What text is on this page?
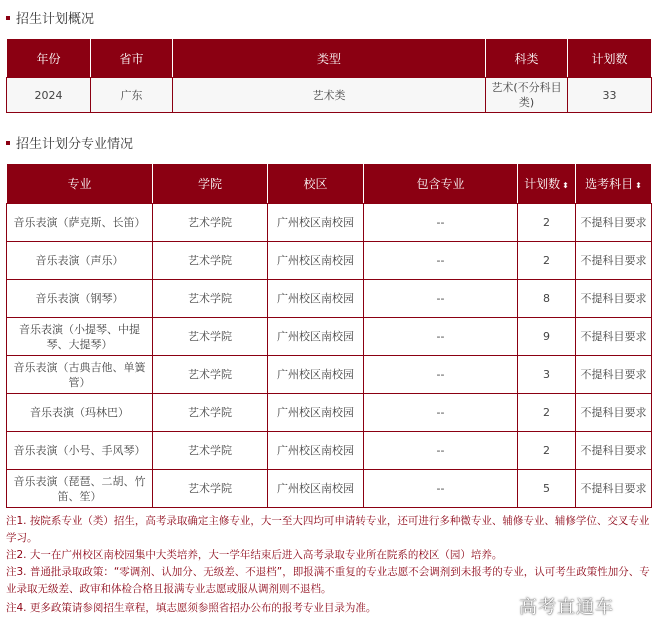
招生计划概况
年份	省市	类型	科类	计划数
2024	广东	艺术类	艺术(不分科目类)	33
招生计划分专业情况
专业	学院	校区	包含专业	计划数 ⬍	选考科目 ⬍
音乐表演（萨克斯、长笛）	艺术学院	广州校区南校园	--	2	不提科目要求
音乐表演（声乐）	艺术学院	广州校区南校园	--	2	不提科目要求
音乐表演（钢琴）	艺术学院	广州校区南校园	--	8	不提科目要求
音乐表演（小提琴、中提琴、大提琴）	艺术学院	广州校区南校园	--	9	不提科目要求
音乐表演（古典吉他、单簧管）	艺术学院	广州校区南校园	--	3	不提科目要求
音乐表演（玛林巴）	艺术学院	广州校区南校园	--	2	不提科目要求
音乐表演（小号、手风琴）	艺术学院	广州校区南校园	--	2	不提科目要求
音乐表演（琵琶、二胡、竹笛、笙）	艺术学院	广州校区南校园	--	5	不提科目要求
注1. 按院系专业（类）招生，高考录取确定主修专业，大一至大四均可申请转专业，还可进行多种微专业、辅修专业、辅修学位、交叉专业学习。
注2. 大一在广州校区南校园集中大类培养，大一学年结束后进入高考录取专业所在院系的校区（园）培养。
注3. 普通批录取政策：“零调剂、认加分、无级差、不退档”，即报满不重复的专业志愿不会调剂到未报考的专业，认可考生政策性加分、专业录取无级差、政审和体检合格且报满专业志愿或服从调剂则不退档。
注4. 更多政策请参阅招生章程，填志愿须参照省招办公布的报考专业目录为准。	高考直通车
